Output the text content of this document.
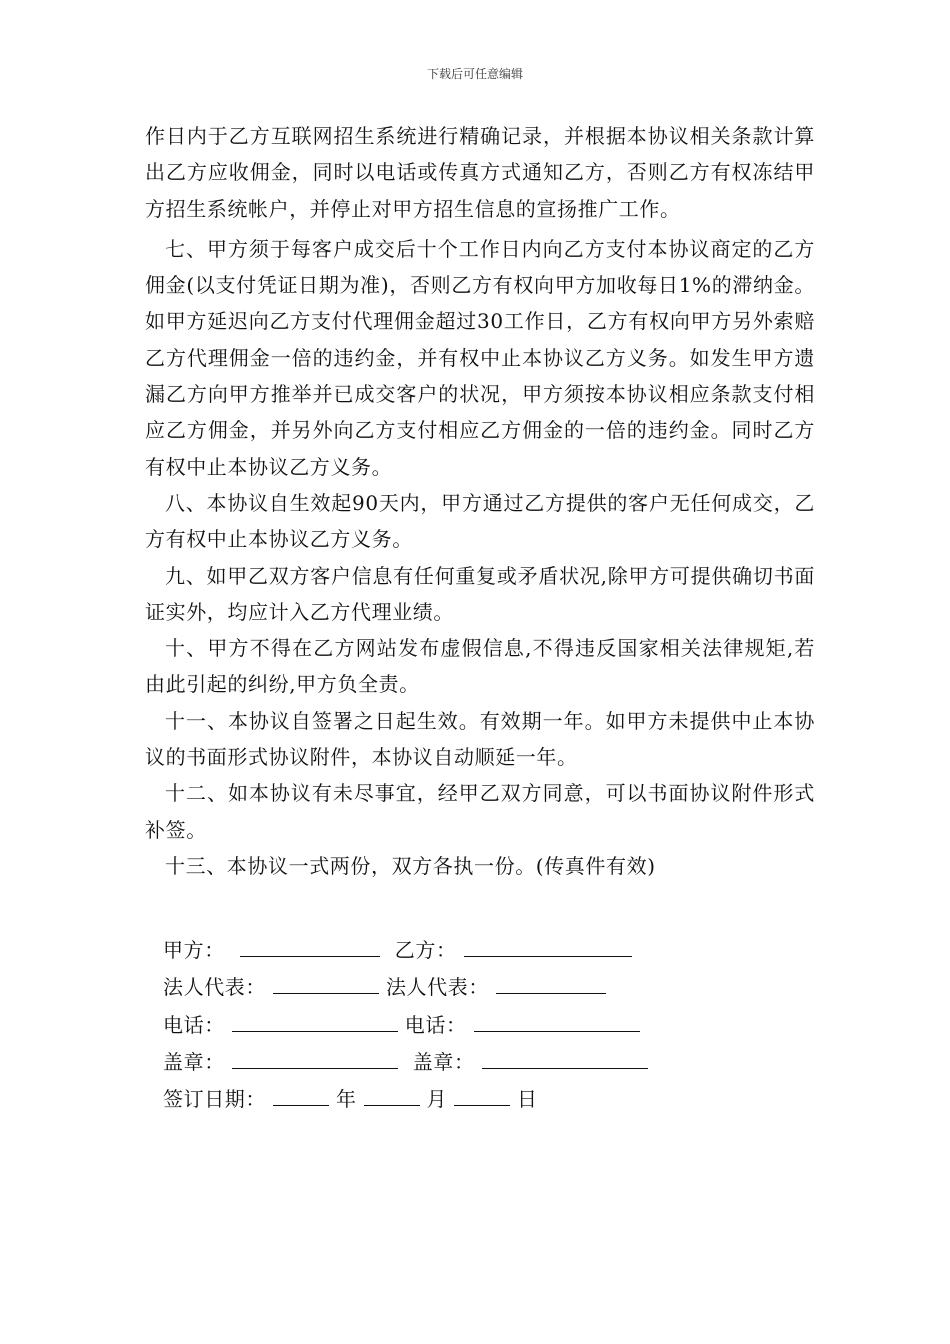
下载后可任意编辑

作日内于乙方互联网招生系统进行精确记录，并根据本协议相关条款计算出乙方应收佣金，同时以电话或传真方式通知乙方，否则乙方有权冻结甲方招生系统帐户，并停止对甲方招生信息的宣扬推广工作。

七、甲方须于每客户成交后十个工作日内向乙方支付本协议商定的乙方佣金(以支付凭证日期为准)，否则乙方有权向甲方加收每日1%的滞纳金。如甲方延迟向乙方支付代理佣金超过30工作日，乙方有权向甲方另外索赔乙方代理佣金一倍的违约金，并有权中止本协议乙方义务。如发生甲方遗漏乙方向甲方推举并已成交客户的状况，甲方须按本协议相应条款支付相应乙方佣金，并另外向乙方支付相应乙方佣金的一倍的违约金。同时乙方有权中止本协议乙方义务。

八、本协议自生效起90天内，甲方通过乙方提供的客户无任何成交，乙方有权中止本协议乙方义务。

九、如甲乙双方客户信息有任何重复或矛盾状况,除甲方可提供确切书面证实外，均应计入乙方代理业绩。

十、甲方不得在乙方网站发布虚假信息,不得违反国家相关法律规矩,若由此引起的纠纷,甲方负全责。

十一、本协议自签署之日起生效。有效期一年。如甲方未提供中止本协议的书面形式协议附件，本协议自动顺延一年。

十二、如本协议有未尽事宜，经甲乙双方同意，可以书面协议附件形式补签。

十三、本协议一式两份，双方各执一份。(传真件有效)

甲方：	乙方：
法人代表：	法人代表：
电话：	电话：
盖章：	盖章：
签订日期：	年	月	日
